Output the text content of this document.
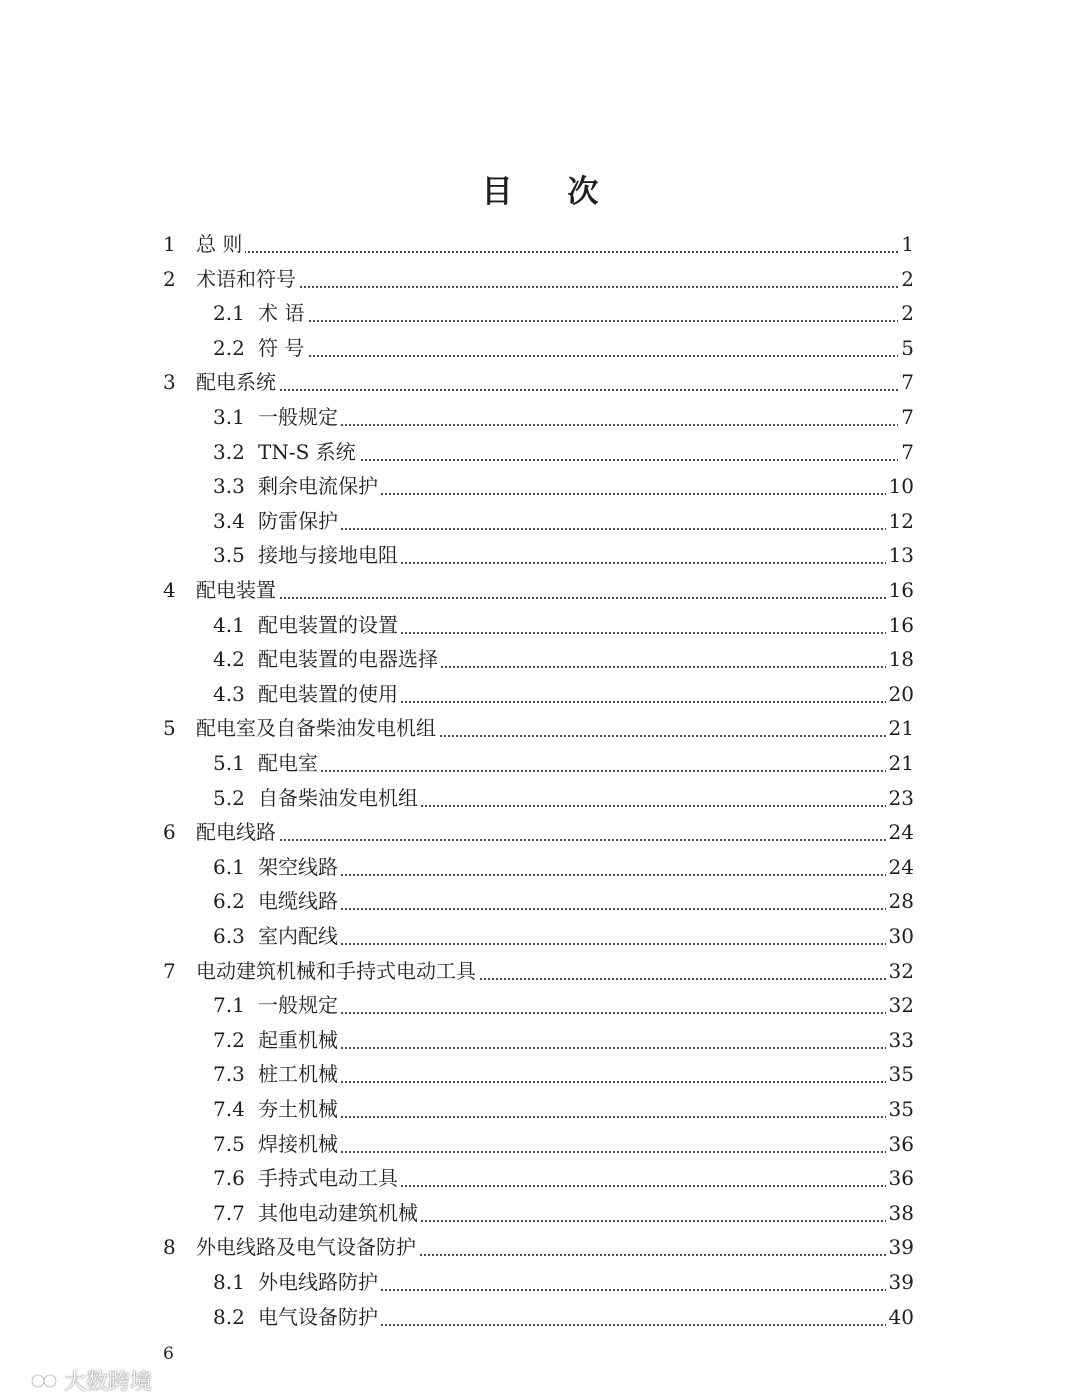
目 次
1 总 则	1
2 术语和符号	2
2.1 术 语	2
2.2 符 号	5
3 配电系统	7
3.1 一般规定	7
3.2 TN-S 系统	7
3.3 剩余电流保护	10
3.4 防雷保护	12
3.5 接地与接地电阻	13
4 配电装置	16
4.1 配电装置的设置	16
4.2 配电装置的电器选择	18
4.3 配电装置的使用	20
5 配电室及自备柴油发电机组	21
5.1 配电室	21
5.2 自备柴油发电机组	23
6 配电线路	24
6.1 架空线路	24
6.2 电缆线路	28
6.3 室内配线	30
7 电动建筑机械和手持式电动工具	32
7.1 一般规定	32
7.2 起重机械	33
7.3 桩工机械	35
7.4 夯土机械	35
7.5 焊接机械	36
7.6 手持式电动工具	36
7.7 其他电动建筑机械	38
8 外电线路及电气设备防护	39
8.1 外电线路防护	39
8.2 电气设备防护	40
6
大数跨境
